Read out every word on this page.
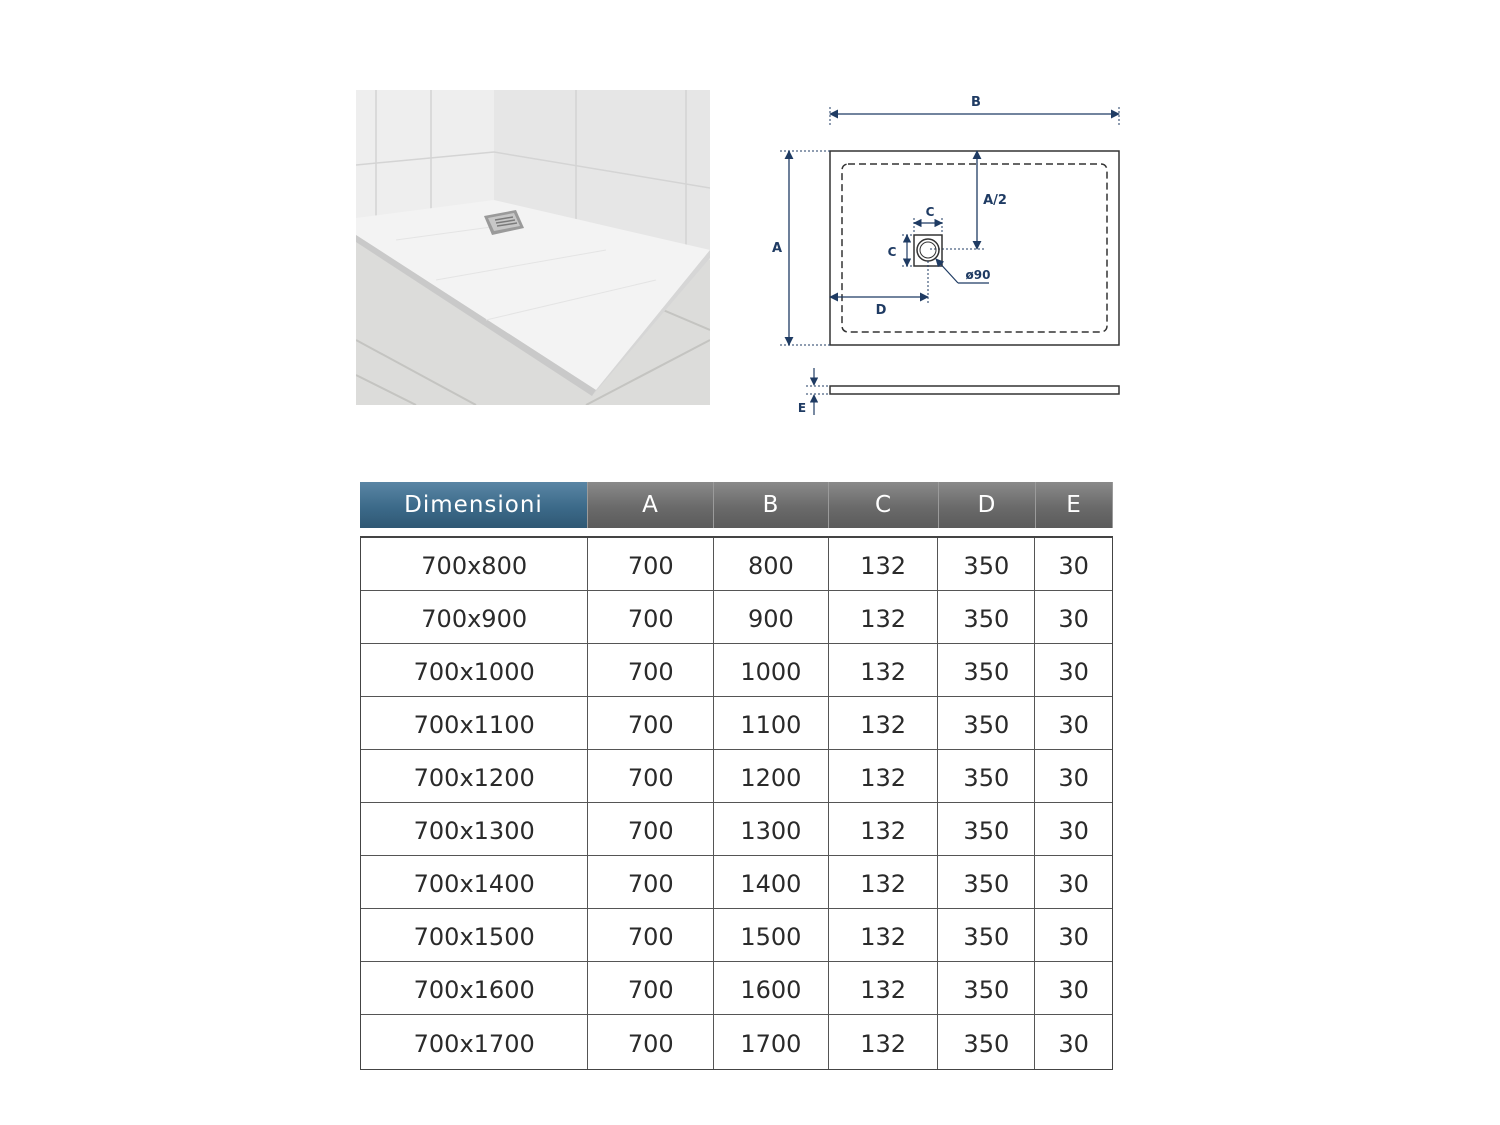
B
A
A/2
C
C
D
ø90
E
Dimensioni	A	B	C	D	E
700x800	700	800	132	350	30
700x900	700	900	132	350	30
700x1000	700	1000	132	350	30
700x1100	700	1100	132	350	30
700x1200	700	1200	132	350	30
700x1300	700	1300	132	350	30
700x1400	700	1400	132	350	30
700x1500	700	1500	132	350	30
700x1600	700	1600	132	350	30
700x1700	700	1700	132	350	30
